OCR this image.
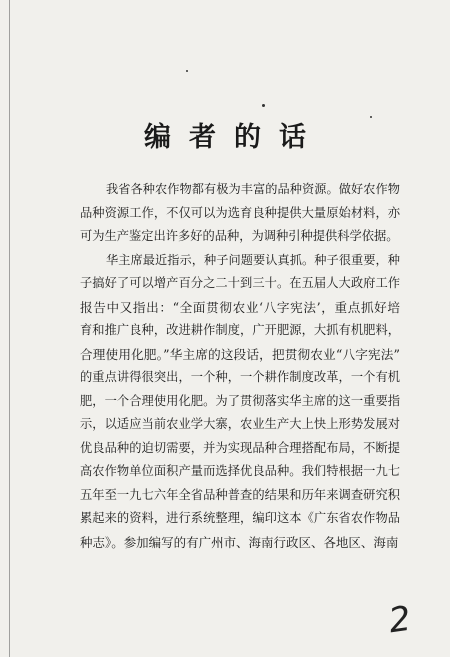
编者的话
我省各种农作物都有极为丰富的品种资源。做好农作物
品种资源工作，不仅可以为选育良种提供大量原始材料，亦
可为生产鉴定出许多好的品种，为调种引种提供科学依据。
华主席最近指示，种子问题要认真抓。种子很重要，种
子搞好了可以增产百分之二十到三十。在五届人大政府工作
报告中又指出：“全面贯彻农业‘八字宪法’，重点抓好培
育和推广良种，改进耕作制度，广开肥源，大抓有机肥料，
合理使用化肥。”华主席的这段话，把贯彻农业“八字宪法”
的重点讲得很突出，一个种，一个耕作制度改革，一个有机
肥，一个合理使用化肥。为了贯彻落实华主席的这一重要指
示，以适应当前农业学大寨，农业生产大上快上形势发展对
优良品种的迫切需要，并为实现品种合理搭配布局，不断提
高农作物单位面积产量而选择优良品种。我们特根据一九七
五年至一九七六年全省品种普查的结果和历年来调查研究积
累起来的资料，进行系统整理，编印这本《广东省农作物品
种志》。参加编写的有广州市、海南行政区、各地区、海南
2
